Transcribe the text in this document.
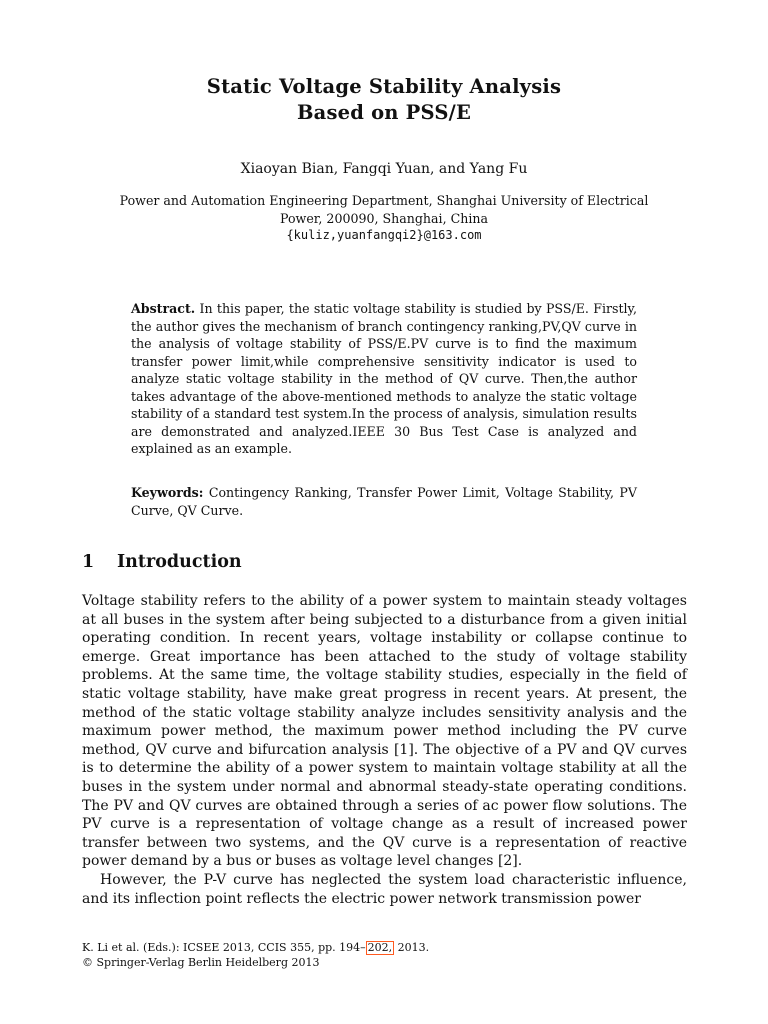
Static Voltage Stability Analysis
Based on PSS/E
Xiaoyan Bian, Fangqi Yuan, and Yang Fu
Power and Automation Engineering Department, Shanghai University of Electrical
Power, 200090, Shanghai, China
{kuliz,yuanfangqi2}@163.com
Abstract. In this paper, the static voltage stability is studied by PSS/E. Firstly, the author gives the mechanism of branch contingency ranking,PV,QV curve in the analysis of voltage stability of PSS/E.PV curve is to find the maximum transfer power limit,while comprehensive sensitivity indicator is used to analyze static voltage stability in the method of QV curve. Then,the author takes advantage of the above-mentioned methods to analyze the static voltage stability of a standard test system.In the process of analysis, simulation results are demonstrated and analyzed.IEEE 30 Bus Test Case is analyzed and explained as an example.
Keywords: Contingency Ranking, Transfer Power Limit, Voltage Stability, PV Curve, QV Curve.
1 Introduction

Voltage stability refers to the ability of a power system to maintain steady voltages at all buses in the system after being subjected to a disturbance from a given initial operating condition. In recent years, voltage instability or collapse continue to emerge. Great importance has been attached to the study of voltage stability problems. At the same time, the voltage stability studies, especially in the field of static voltage stability, have make great progress in recent years. At present, the method of the static voltage stability analyze includes sensitivity analysis and the maximum power method, the maximum power method including the PV curve method, QV curve and bifurcation analysis [1]. The objective of a PV and QV curves is to determine the ability of a power system to maintain voltage stability at all the buses in the system under normal and abnormal steady-state operating conditions. The PV and QV curves are obtained through a series of ac power flow solutions. The PV curve is a representation of voltage change as a result of increased power transfer between two systems, and the QV curve is a representation of reactive power demand by a bus or buses as voltage level changes [2].

However, the P-V curve has neglected the system load characteristic influence, and its inflection point reflects the electric power network transmission power

K. Li et al. (Eds.): ICSEE 2013, CCIS 355, pp. 194– 202, 2013.
© Springer-Verlag Berlin Heidelberg 2013
